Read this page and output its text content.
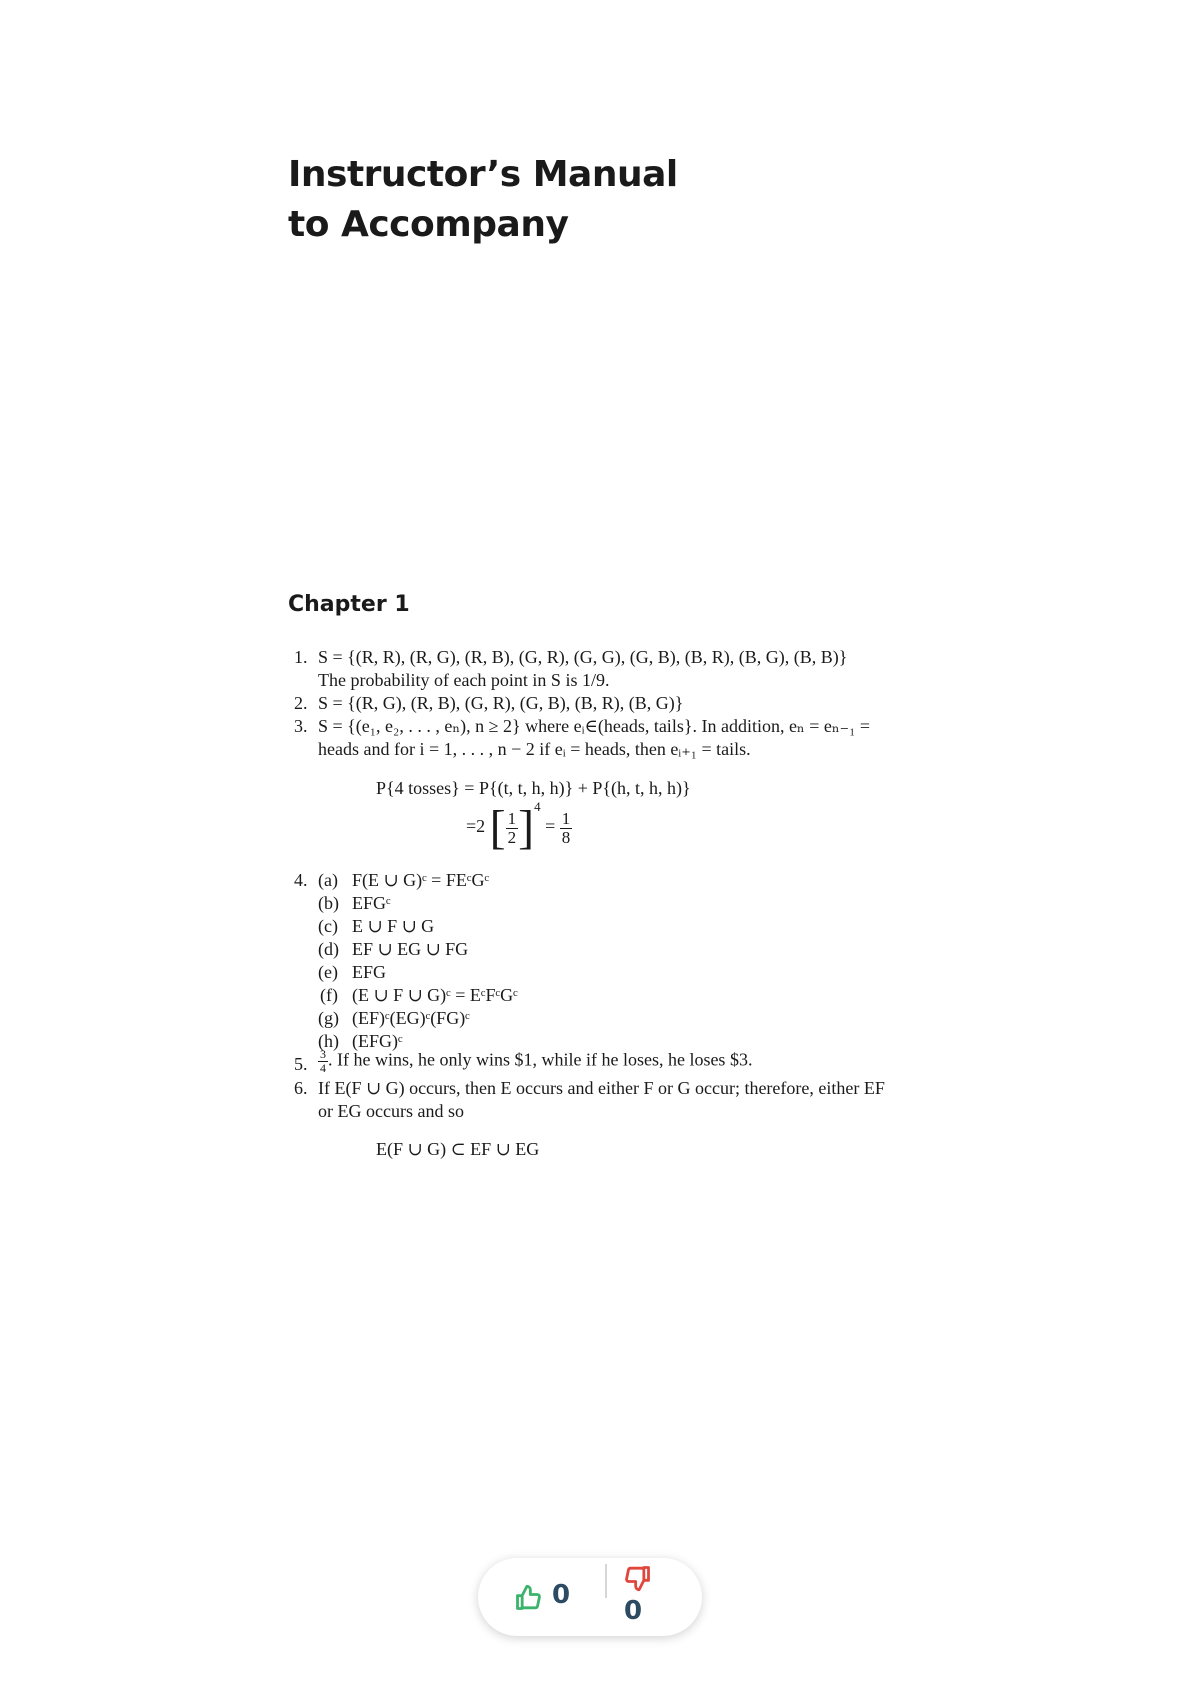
Instructor’s Manual
to Accompany
Chapter 1
1. S = {(R, R), (R, G), (R, B), (G, R), (G, G), (G, B), (B, R), (B, G), (B, B)}
The probability of each point in S is 1/9.
2. S = {(R, G), (R, B), (G, R), (G, B), (B, R), (B, G)}
3. S = {(e₁, e₂, . . . , eₙ), n ≥ 2} where eᵢ∈(heads, tails}. In addition, eₙ = eₙ₋₁ =
heads and for i = 1, . . . , n − 2 if eᵢ = heads, then eᵢ₊₁ = tails.
P{4 tosses} = P{(t, t, h, h)} + P{(h, t, h, h)}
=2 [ $\frac{1}{2} ]^4 = \frac{1}{8}$
4. (a) F(E ∪ G)ᶜ = FEᶜGᶜ
(b) EFGᶜ
(c) E ∪ F ∪ G
(d) EF ∪ EG ∪ FG
(e) EFG
(f) (E ∪ F ∪ G)ᶜ = EᶜFᶜGᶜ
(g) (EF)ᶜ(EG)ᶜ(FG)ᶜ
(h) (EFG)ᶜ
5. $\frac{3}{4}$ . If he wins, he only wins $1, while if he loses, he loses $3.
6. If E(F ∪ G) occurs, then E occurs and either F or G occur; therefore, either EF
or EG occurs and so
E(F ∪ G) ⊂ EF ∪ EG
0
0
